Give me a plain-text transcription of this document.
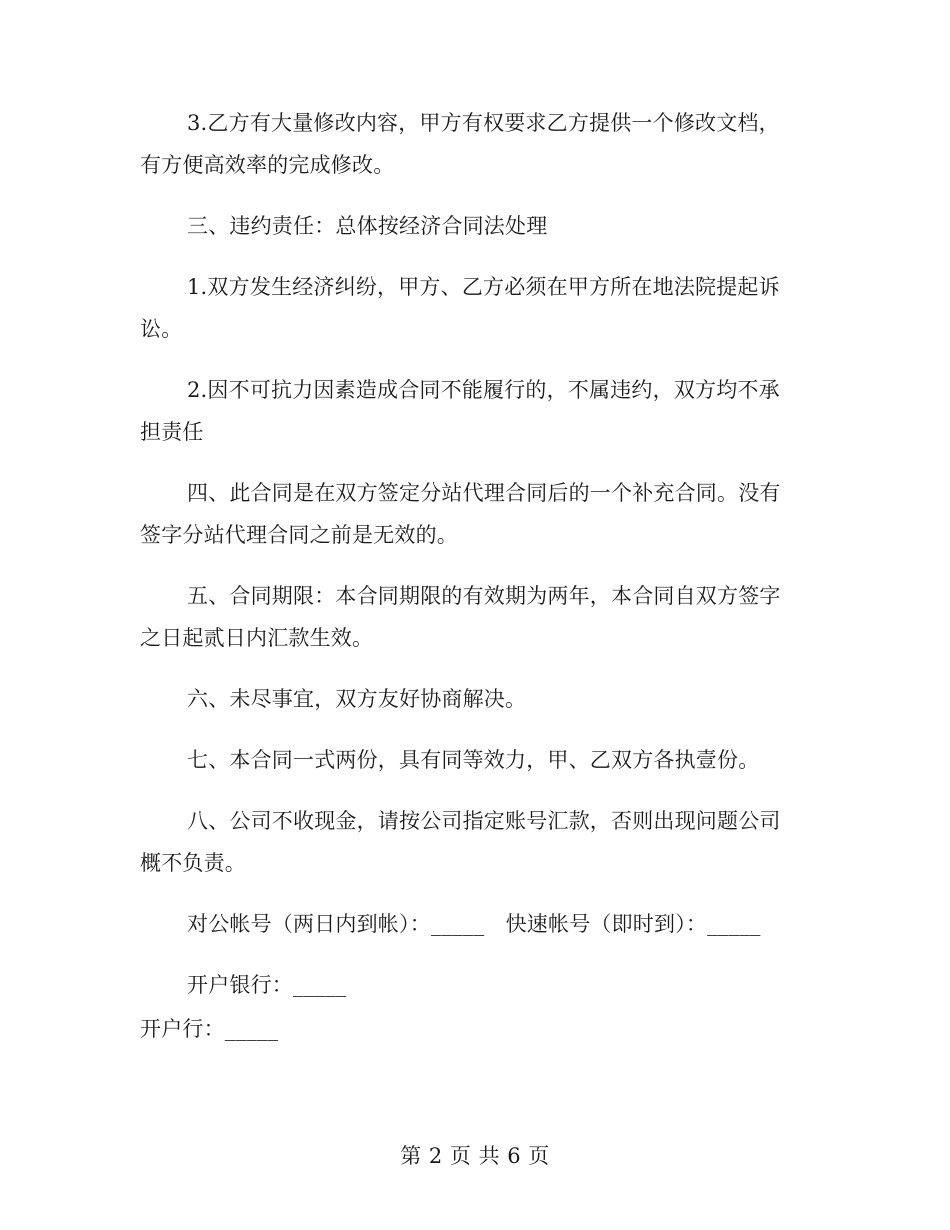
3.乙方有大量修改内容，甲方有权要求乙方提供一个修改文档，
有方便高效率的完成修改。
三、违约责任：总体按经济合同法处理
1.双方发生经济纠纷，甲方、乙方必须在甲方所在地法院提起诉
讼。
2.因不可抗力因素造成合同不能履行的，不属违约，双方均不承
担责任
四、此合同是在双方签定分站代理合同后的一个补充合同。没有
签字分站代理合同之前是无效的。
五、合同期限：本合同期限的有效期为两年，本合同自双方签字
之日起贰日内汇款生效。
六、未尽事宜，双方友好协商解决。
七、本合同一式两份，具有同等效力，甲、乙双方各执壹份。
八、公司不收现金，请按公司指定账号汇款，否则出现问题公司
概不负责。
对公帐号（两日内到帐）：_____　快速帐号（即时到）：_____
开户银行：_____
开户行：_____
第 2 页 共 6 页
